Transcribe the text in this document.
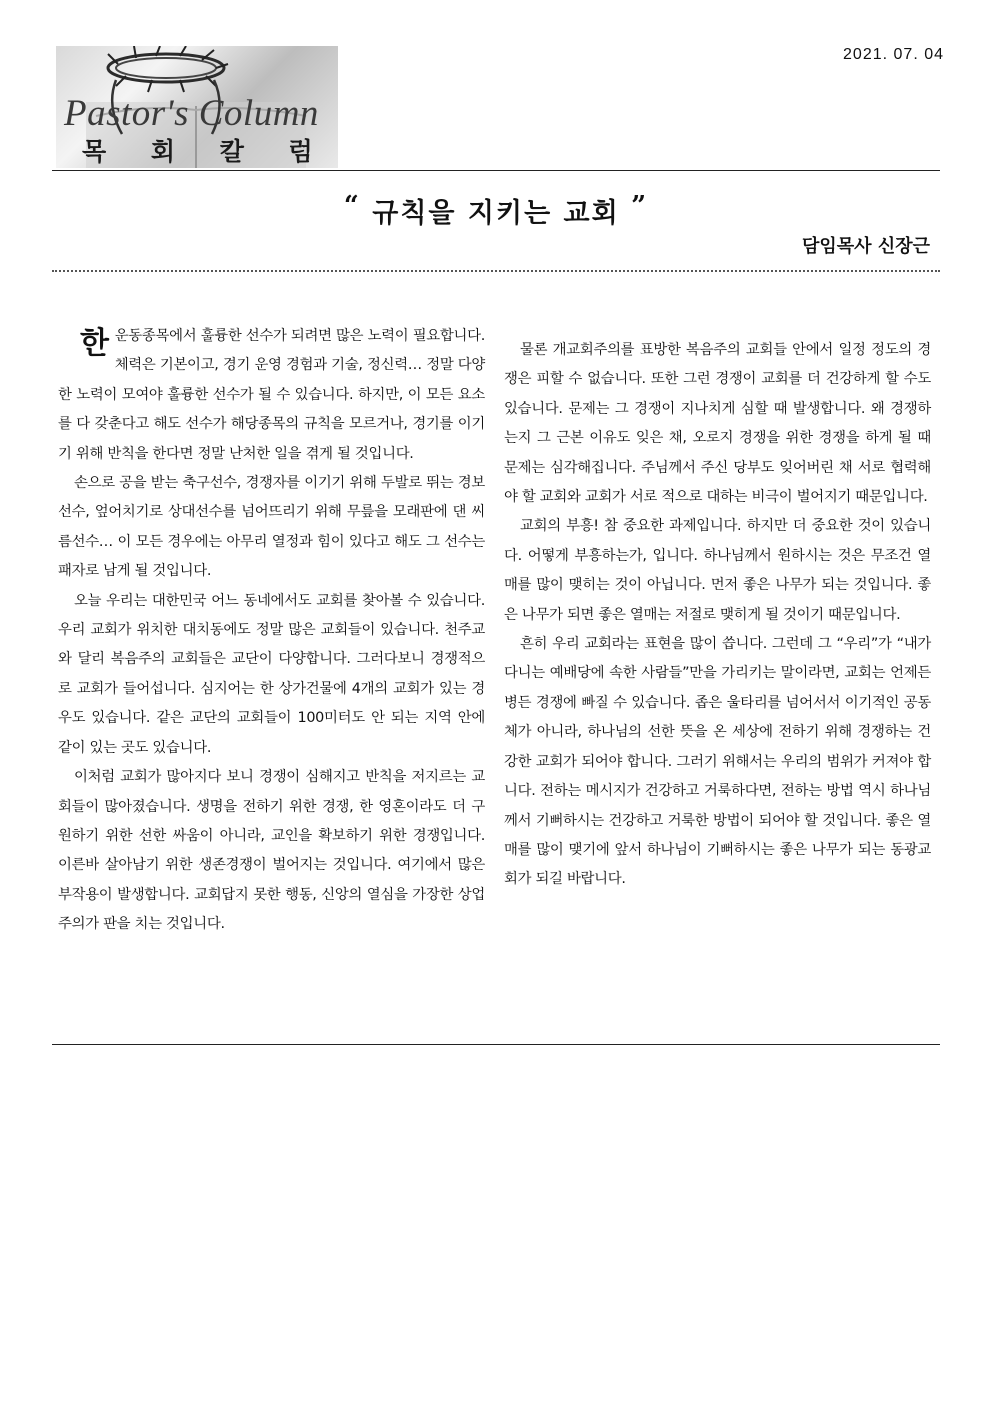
2021. 07. 04
Pastor's Column
목 회 칼 럼
“ 규칙을 지키는 교회 ”
담임목사 신장근

한 운동종목에서 훌륭한 선수가 되려면 많은 노력이 필요합니다. 체력은 기본이고, 경기 운영 경험과 기술, 정신력… 정말 다양한 노력이 모여야 훌륭한 선수가 될 수 있습니다. 하지만, 이 모든 요소를 다 갖춘다고 해도 선수가 해당종목의 규칙을 모르거나, 경기를 이기기 위해 반칙을 한다면 정말 난처한 일을 겪게 될 것입니다.

손으로 공을 받는 축구선수, 경쟁자를 이기기 위해 두발로 뛰는 경보선수, 엎어치기로 상대선수를 넘어뜨리기 위해 무릎을 모래판에 댄 씨름선수… 이 모든 경우에는 아무리 열정과 힘이 있다고 해도 그 선수는 패자로 남게 될 것입니다.

오늘 우리는 대한민국 어느 동네에서도 교회를 찾아볼 수 있습니다. 우리 교회가 위치한 대치동에도 정말 많은 교회들이 있습니다. 천주교와 달리 복음주의 교회들은 교단이 다양합니다. 그러다보니 경쟁적으로 교회가 들어섭니다. 심지어는 한 상가건물에 4개의 교회가 있는 경우도 있습니다. 같은 교단의 교회들이 100미터도 안 되는 지역 안에 같이 있는 곳도 있습니다.

이처럼 교회가 많아지다 보니 경쟁이 심해지고 반칙을 저지르는 교회들이 많아졌습니다. 생명을 전하기 위한 경쟁, 한 영혼이라도 더 구원하기 위한 선한 싸움이 아니라, 교인을 확보하기 위한 경쟁입니다. 이른바 살아남기 위한 생존경쟁이 벌어지는 것입니다. 여기에서 많은 부작용이 발생합니다. 교회답지 못한 행동, 신앙의 열심을 가장한 상업주의가 판을 치는 것입니다.

물론 개교회주의를 표방한 복음주의 교회들 안에서 일정 정도의 경쟁은 피할 수 없습니다. 또한 그런 경쟁이 교회를 더 건강하게 할 수도 있습니다. 문제는 그 경쟁이 지나치게 심할 때 발생합니다. 왜 경쟁하는지 그 근본 이유도 잊은 채, 오로지 경쟁을 위한 경쟁을 하게 될 때 문제는 심각해집니다. 주님께서 주신 당부도 잊어버린 채 서로 협력해야 할 교회와 교회가 서로 적으로 대하는 비극이 벌어지기 때문입니다.

교회의 부흥! 참 중요한 과제입니다. 하지만 더 중요한 것이 있습니다. 어떻게 부흥하는가, 입니다. 하나님께서 원하시는 것은 무조건 열매를 많이 맺히는 것이 아닙니다. 먼저 좋은 나무가 되는 것입니다. 좋은 나무가 되면 좋은 열매는 저절로 맺히게 될 것이기 때문입니다.

흔히 우리 교회라는 표현을 많이 씁니다. 그런데 그 “우리”가 “내가 다니는 예배당에 속한 사람들”만을 가리키는 말이라면, 교회는 언제든 병든 경쟁에 빠질 수 있습니다. 좁은 울타리를 넘어서서 이기적인 공동체가 아니라, 하나님의 선한 뜻을 온 세상에 전하기 위해 경쟁하는 건강한 교회가 되어야 합니다. 그러기 위해서는 우리의 범위가 커져야 합니다. 전하는 메시지가 건강하고 거룩하다면, 전하는 방법 역시 하나님께서 기뻐하시는 건강하고 거룩한 방법이 되어야 할 것입니다. 좋은 열매를 많이 맺기에 앞서 하나님이 기뻐하시는 좋은 나무가 되는 동광교회가 되길 바랍니다.
